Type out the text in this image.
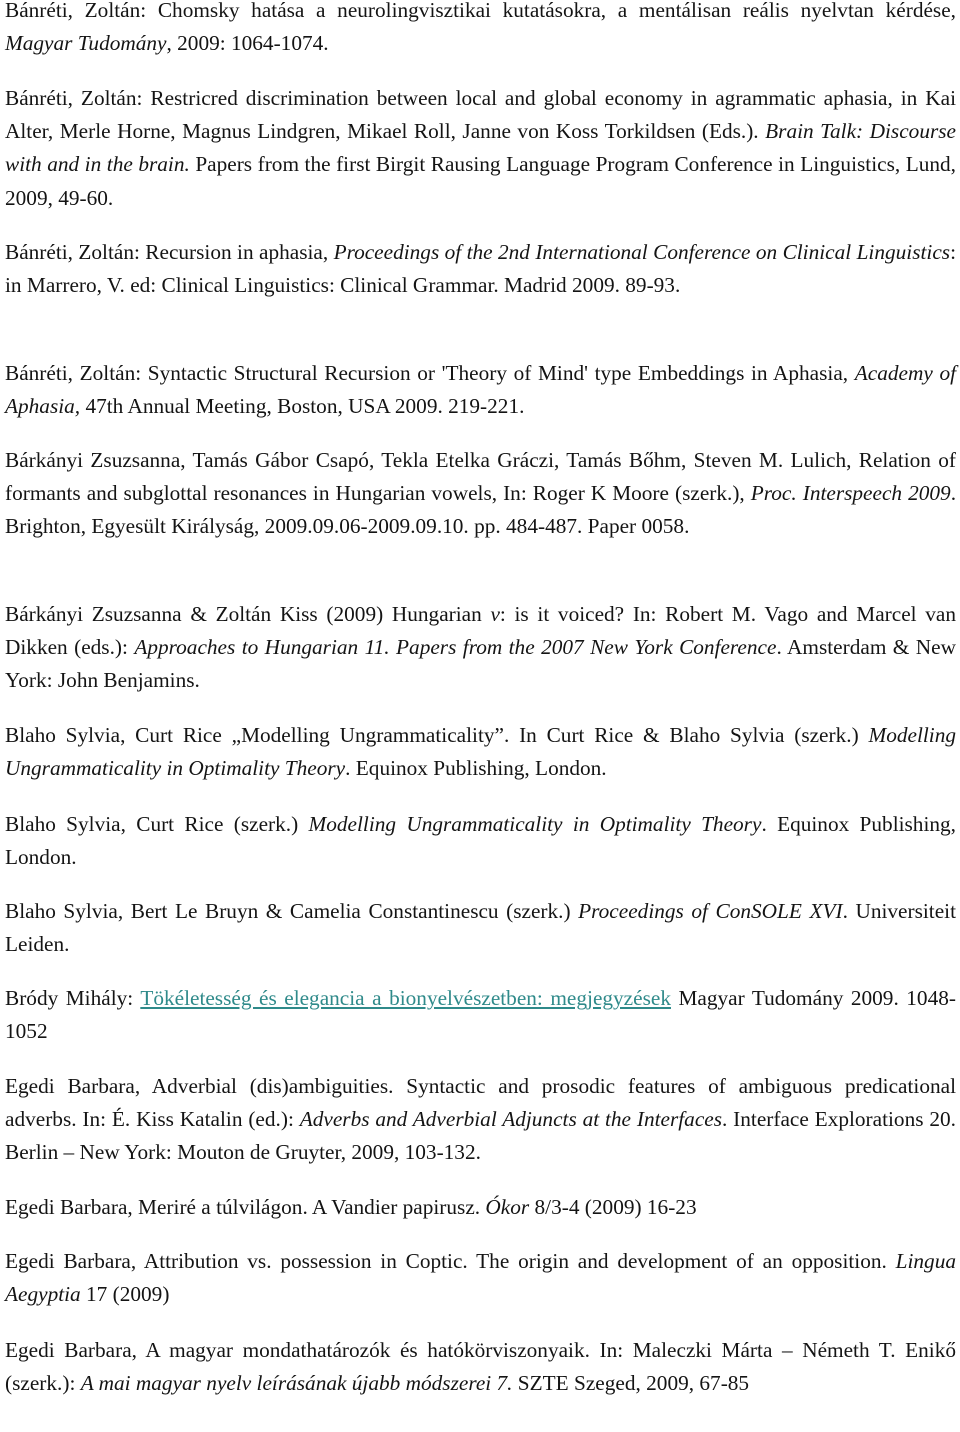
Bánréti, Zoltán: Chomsky hatása a neurolingvisztikai kutatásokra, a mentálisan reális nyelvtan kérdése, Magyar Tudomány, 2009: 1064-1074.

Bánréti, Zoltán: Restricred discrimination between local and global economy in agrammatic aphasia, in Kai Alter, Merle Horne, Magnus Lindgren, Mikael Roll, Janne von Koss Torkildsen (Eds.). Brain Talk: Discourse with and in the brain. Papers from the first Birgit Rausing Language Program Conference in Linguistics, Lund, 2009, 49-60.

Bánréti, Zoltán: Recursion in aphasia, Proceedings of the 2nd International Conference on Clinical Linguistics: in Marrero, V. ed: Clinical Linguistics: Clinical Grammar. Madrid 2009. 89-93.

Bánréti, Zoltán: Syntactic Structural Recursion or 'Theory of Mind' type Embeddings in Aphasia, Academy of Aphasia, 47th Annual Meeting, Boston, USA 2009. 219-221.

Bárkányi Zsuzsanna, Tamás Gábor Csapó, Tekla Etelka Gráczi, Tamás Bőhm, Steven M. Lulich, Relation of formants and subglottal resonances in Hungarian vowels, In: Roger K Moore (szerk.), Proc. Interspeech 2009. Brighton, Egyesült Királyság, 2009.09.06-2009.09.10. pp. 484-487. Paper 0058.

Bárkányi Zsuzsanna & Zoltán Kiss (2009) Hungarian v: is it voiced? In: Robert M. Vago and Marcel van Dikken (eds.): Approaches to Hungarian 11. Papers from the 2007 New York Conference. Amsterdam & New York: John Benjamins.

Blaho Sylvia, Curt Rice „Modelling Ungrammaticality”. In Curt Rice & Blaho Sylvia (szerk.) Modelling Ungrammaticality in Optimality Theory. Equinox Publishing, London.

Blaho Sylvia, Curt Rice (szerk.) Modelling Ungrammaticality in Optimality Theory. Equinox Publishing, London.

Blaho Sylvia, Bert Le Bruyn & Camelia Constantinescu (szerk.) Proceedings of ConSOLE XVI. Universiteit Leiden.

Bródy Mihály: Tökéletesség és elegancia a bionyelvészetben: megjegyzések Magyar Tudomány 2009. 1048-1052

Egedi Barbara, Adverbial (dis)ambiguities. Syntactic and prosodic features of ambiguous predicational adverbs. In: É. Kiss Katalin (ed.): Adverbs and Adverbial Adjuncts at the Interfaces. Interface Explorations 20. Berlin – New York: Mouton de Gruyter, 2009, 103-132.

Egedi Barbara, Meriré a túlvilágon. A Vandier papirusz. Ókor 8/3-4 (2009) 16-23

Egedi Barbara, Attribution vs. possession in Coptic. The origin and development of an opposition. Lingua Aegyptia 17 (2009)

Egedi Barbara, A magyar mondathatározók és hatókörviszonyaik. In: Maleczki Márta – Németh T. Enikő (szerk.): A mai magyar nyelv leírásának újabb módszerei 7. SZTE Szeged, 2009, 67-85
